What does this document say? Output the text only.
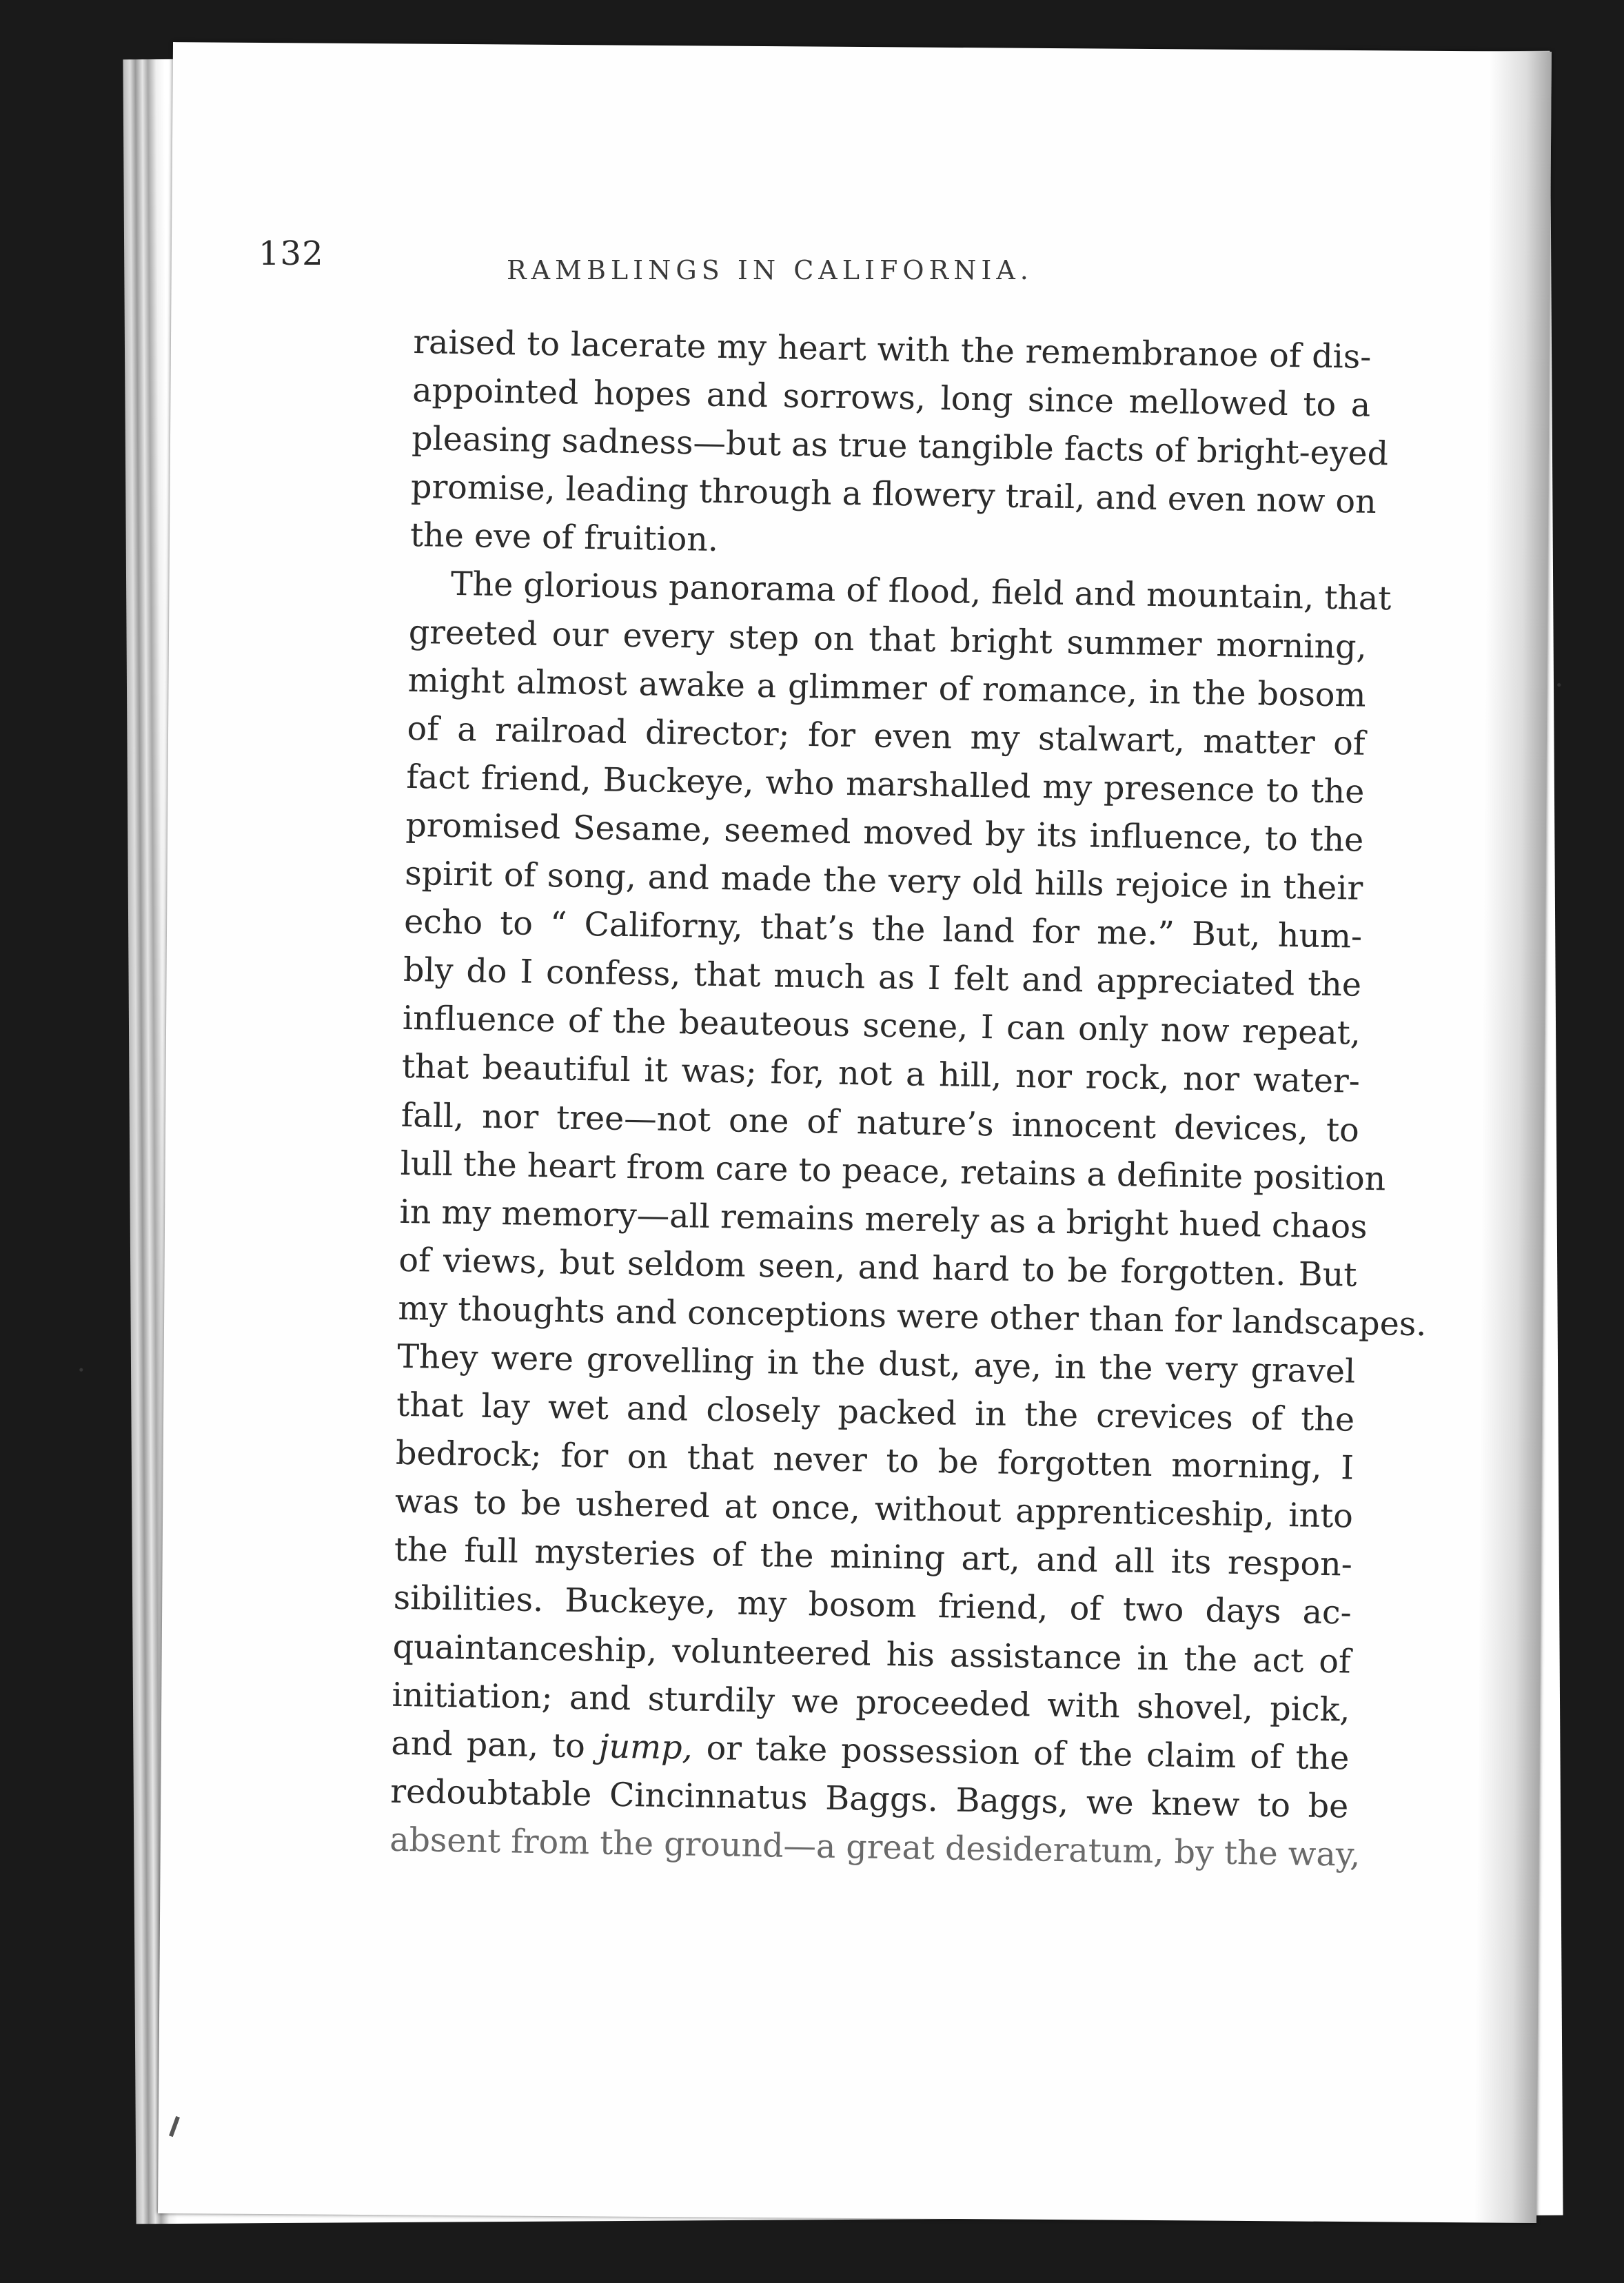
132	RAMBLINGS IN CALIFORNIA.
raised to lacerate my heart with the remembranoe of dis-
appointed hopes and sorrows, long since mellowed to a
pleasing sadness—but as true tangible facts of bright-eyed
promise, leading through a flowery trail, and even now on
the eve of fruition.
The glorious panorama of flood, field and mountain, that
greeted our every step on that bright summer morning,
might almost awake a glimmer of romance, in the bosom
of a railroad director; for even my stalwart, matter of
fact friend, Buckeye, who marshalled my presence to the
promised Sesame, seemed moved by its influence, to the
spirit of song, and made the very old hills rejoice in their
echo to “ Californy, that’s the land for me.” But, hum-
bly do I confess, that much as I felt and appreciated the
influence of the beauteous scene, I can only now repeat,
that beautiful it was; for, not a hill, nor rock, nor water-
fall, nor tree—not one of nature’s innocent devices, to
lull the heart from care to peace, retains a definite position
in my memory—all remains merely as a bright hued chaos
of views, but seldom seen, and hard to be forgotten. But
my thoughts and conceptions were other than for landscapes.
They were grovelling in the dust, aye, in the very gravel
that lay wet and closely packed in the crevices of the
bedrock; for on that never to be forgotten morning, I
was to be ushered at once, without apprenticeship, into
the full mysteries of the mining art, and all its respon-
sibilities. Buckeye, my bosom friend, of two days ac-
quaintanceship, volunteered his assistance in the act of
initiation; and sturdily we proceeded with shovel, pick,
and pan, to jump, or take possession of the claim of the
redoubtable Cincinnatus Baggs. Baggs, we knew to be
absent from the ground—a great desideratum, by the way,
